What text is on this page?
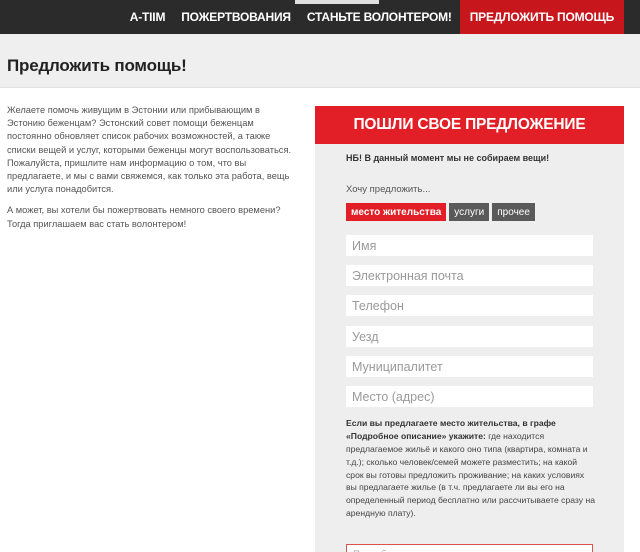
A-TIIM	ПОЖЕРТВОВАНИЯ	СТАНЬТЕ ВОЛОНТЕРОМ!	ПРЕДЛОЖИТЬ ПОМОЩЬ
Предложить помощь!

Желаете помочь живущим в Эстонии или прибывающим в Эстонию беженцам? Эстонский совет помощи беженцам постоянно обновляет список рабочих возможностей, а также списки вещей и услуг, которыми беженцы могут воспользоваться. Пожалуйста, пришлите нам информацию о том, что вы предлагаете, и мы с вами свяжемся, как только эта работа, вещь или услуга понадобится.

А может, вы хотели бы пожертвовать немного своего времени? Тогда приглашаем вас стать волонтером!

ПОШЛИ СВОЕ ПРЕДЛОЖЕНИЕ
НБ! В данный момент мы не собираем вещи!
Хочу предложить...
место жительства	услуги	прочее
Имя
Электронная почта
Телефон
Уезд
Муниципалитет
Место (адрес)
Если вы предлагаете место жительства, в графе «Подробное описание» укажите: где находится предлагаемое жильё и какого оно типа (квартира, комната и т.д.); сколько человек/семей можете разместить; на какой срок вы готовы предложить проживание; на каких условиях вы предлагаете жилье (в т.ч. предлагаете ли вы его на определенный период бесплатно или рассчитываете сразу на арендную плату).
Подробное описание
